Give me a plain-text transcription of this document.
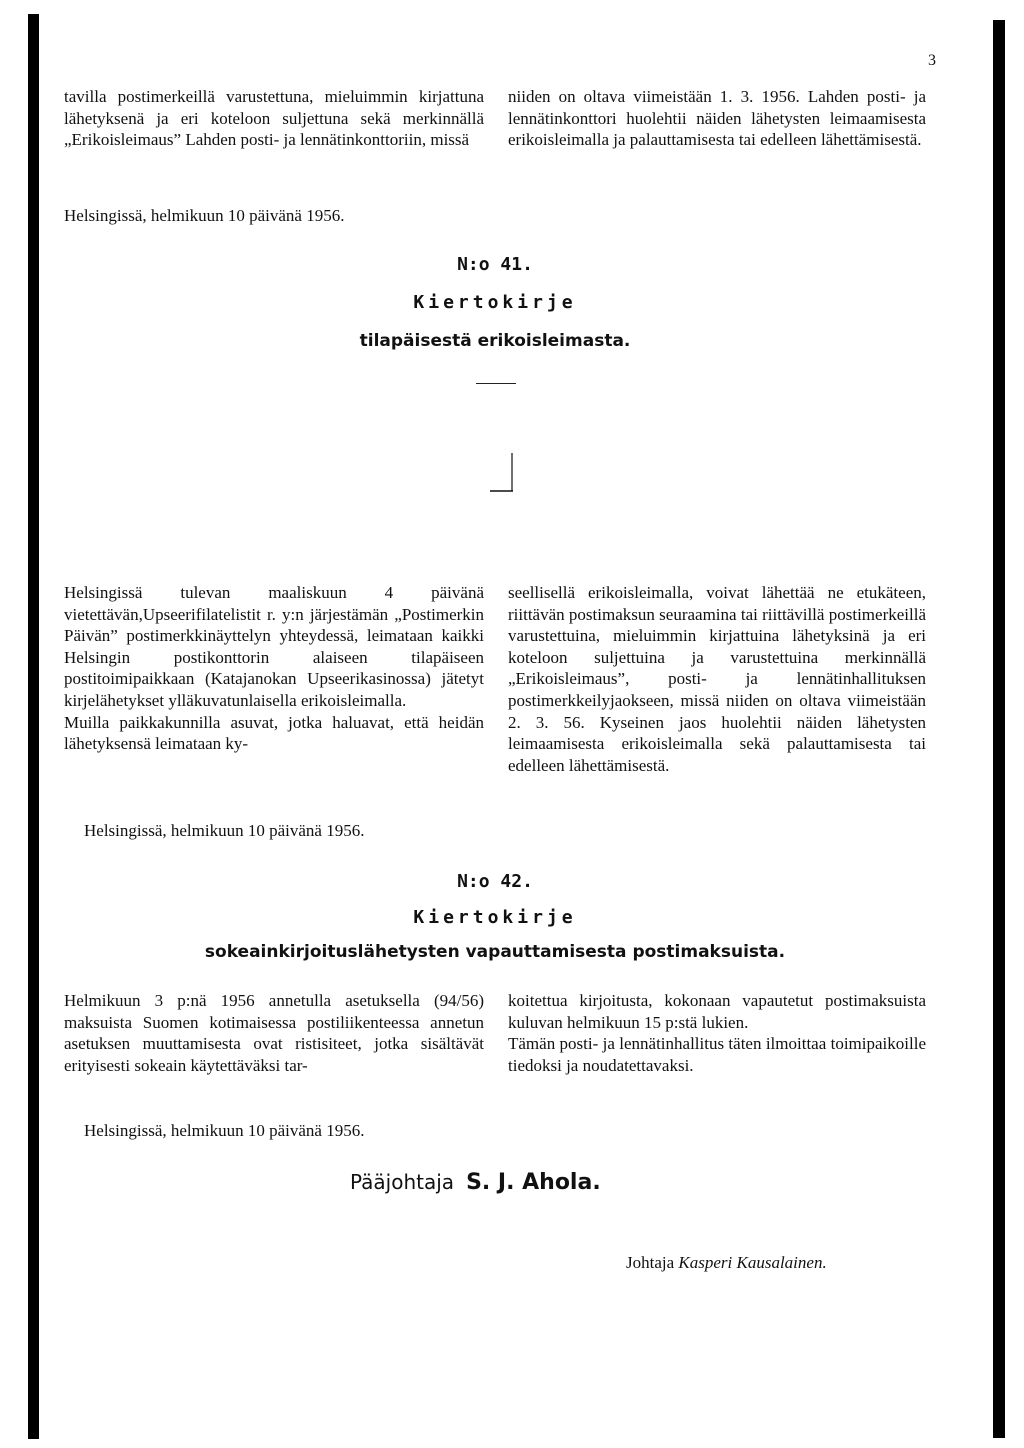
3

tavilla postimerkeillä varustettuna, mieluimmin kirjattuna lähetyksenä ja eri koteloon suljettuna sekä merkinnällä „Erikoisleimaus” Lahden posti- ja lennätinkonttoriin, missä

niiden on oltava viimeistään 1. 3. 1956. Lahden posti- ja lennätinkonttori huolehtii näiden lähetysten leimaamisesta erikoisleimalla ja palauttamisesta tai edelleen lähettämisestä.

Helsingissä, helmikuun 10 päivänä 1956.
N:o 41.
Kiertokirje
tilapäisestä erikoisleimasta.

Helsingissä tulevan maaliskuun 4 päivänä vietettävän,Upseerifilatelistit r. y:n järjestämän „Postimerkin Päivän” postimerkkinäyttelyn yhteydessä, leimataan kaikki Helsingin postikonttorin alaiseen tilapäiseen postitoimipaikkaan (Katajanokan Upseerikasinossa) jätetyt kirjelähetykset ylläkuvatunlaisella erikoisleimalla.
Muilla paikkakunnilla asuvat, jotka haluavat, että heidän lähetyksensä leimataan ky-

seellisellä erikoisleimalla, voivat lähettää ne etukäteen, riittävän postimaksun seuraamina tai riittävillä postimerkeillä varustettuina, mieluimmin kirjattuina lähetyksinä ja eri koteloon suljettuina ja varustettuina merkinnällä „Erikoisleimaus”, posti- ja lennätinhallituksen postimerkkeilyjaokseen, missä niiden on oltava viimeistään 2. 3. 56. Kyseinen jaos huolehtii näiden lähetysten leimaamisesta erikoisleimalla sekä palauttamisesta tai edelleen lähettämisestä.

Helsingissä, helmikuun 10 päivänä 1956.
N:o 42.
Kiertokirje
sokeainkirjoituslähetysten vapauttamisesta postimaksuista.

Helmikuun 3 p:nä 1956 annetulla asetuksella (94/56) maksuista Suomen kotimaisessa postiliikenteessa annetun asetuksen muuttamisesta ovat ristisiteet, jotka sisältävät erityisesti sokeain käytettäväksi tar-

koitettua kirjoitusta, kokonaan vapautetut postimaksuista kuluvan helmikuun 15 p:stä lukien.
Tämän posti- ja lennätinhallitus täten ilmoittaa toimipaikoille tiedoksi ja noudatettavaksi.

Helsingissä, helmikuun 10 päivänä 1956.
Pääjohtaja S. J. Ahola.
Johtaja Kasperi Kausalainen.
